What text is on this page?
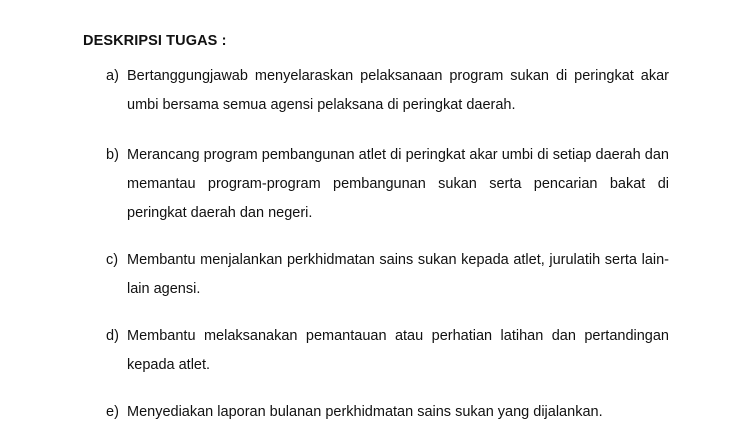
DESKRIPSI TUGAS :
a) Bertanggungjawab menyelaraskan pelaksanaan program sukan di peringkat akar umbi bersama semua agensi pelaksana di peringkat daerah.
b) Merancang program pembangunan atlet di peringkat akar umbi di setiap daerah dan memantau program-program pembangunan sukan serta pencarian bakat di peringkat daerah dan negeri.
c) Membantu menjalankan perkhidmatan sains sukan kepada atlet, jurulatih serta lain-lain agensi.
d) Membantu melaksanakan pemantauan atau perhatian latihan dan pertandingan kepada atlet.
e) Menyediakan laporan bulanan perkhidmatan sains sukan yang dijalankan.
